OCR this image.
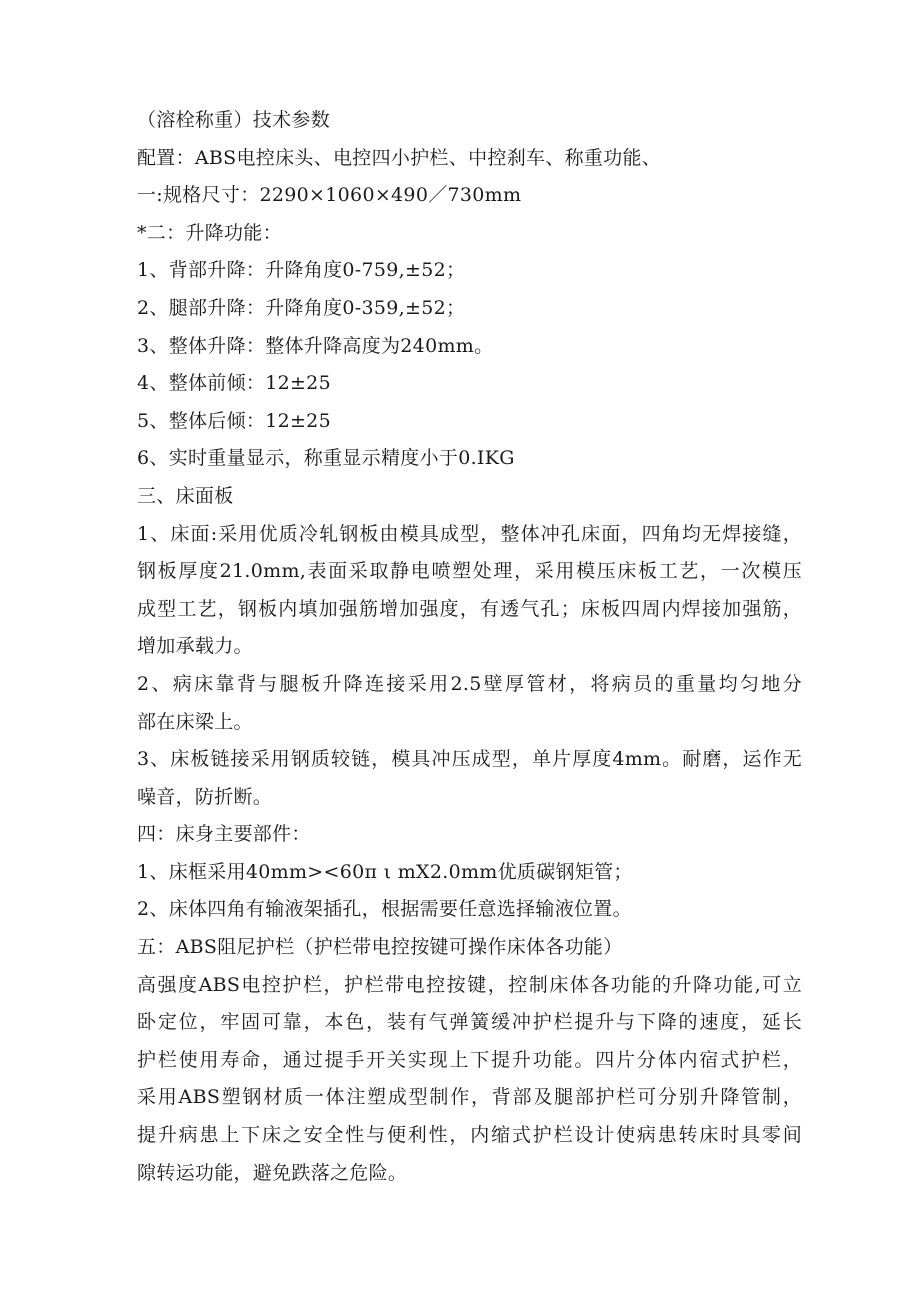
（溶栓称重）技术参数
配置：ABS电控床头、电控四小护栏、中控刹车、称重功能、
一:规格尺寸：2290×1060×490／730mm
*二：升降功能：
1、背部升降：升降角度0-759,±52；
2、腿部升降：升降角度0-359,±52；
3、整体升降：整体升降高度为240mm。
4、整体前倾：12±25
5、整体后倾：12±25
6、实时重量显示，称重显示精度小于0.IKG
三、床面板
1、床面:采用优质冷轧钢板由模具成型，整体冲孔床面，四角均无焊接缝，
钢板厚度21.0mm,表面采取静电喷塑处理，采用模压床板工艺，一次模压
成型工艺，钢板内填加强筋增加强度，有透气孔；床板四周内焊接加强筋，
增加承载力。
2、病床靠背与腿板升降连接采用2.5壁厚管材，将病员的重量均匀地分
部在床梁上。
3、床板链接采用钢质较链，模具冲压成型，单片厚度4mm。耐磨，运作无
噪音，防折断。
四：床身主要部件：
1、床框采用40mm><60π ι mX2.0mm优质碳钢矩管；
2、床体四角有输液架插孔，根据需要任意选择输液位置。
五：ABS阻尼护栏（护栏带电控按键可操作床体各功能）
高强度ABS电控护栏，护栏带电控按键，控制床体各功能的升降功能,可立
卧定位，牢固可靠，本色，装有气弹簧缓冲护栏提升与下降的速度，延长
护栏使用寿命，通过提手开关实现上下提升功能。四片分体内宿式护栏，
采用ABS塑钢材质一体注塑成型制作，背部及腿部护栏可分别升降管制，
提升病患上下床之安全性与便利性，内缩式护栏设计使病患转床时具零间
隙转运功能，避免跌落之危险。
